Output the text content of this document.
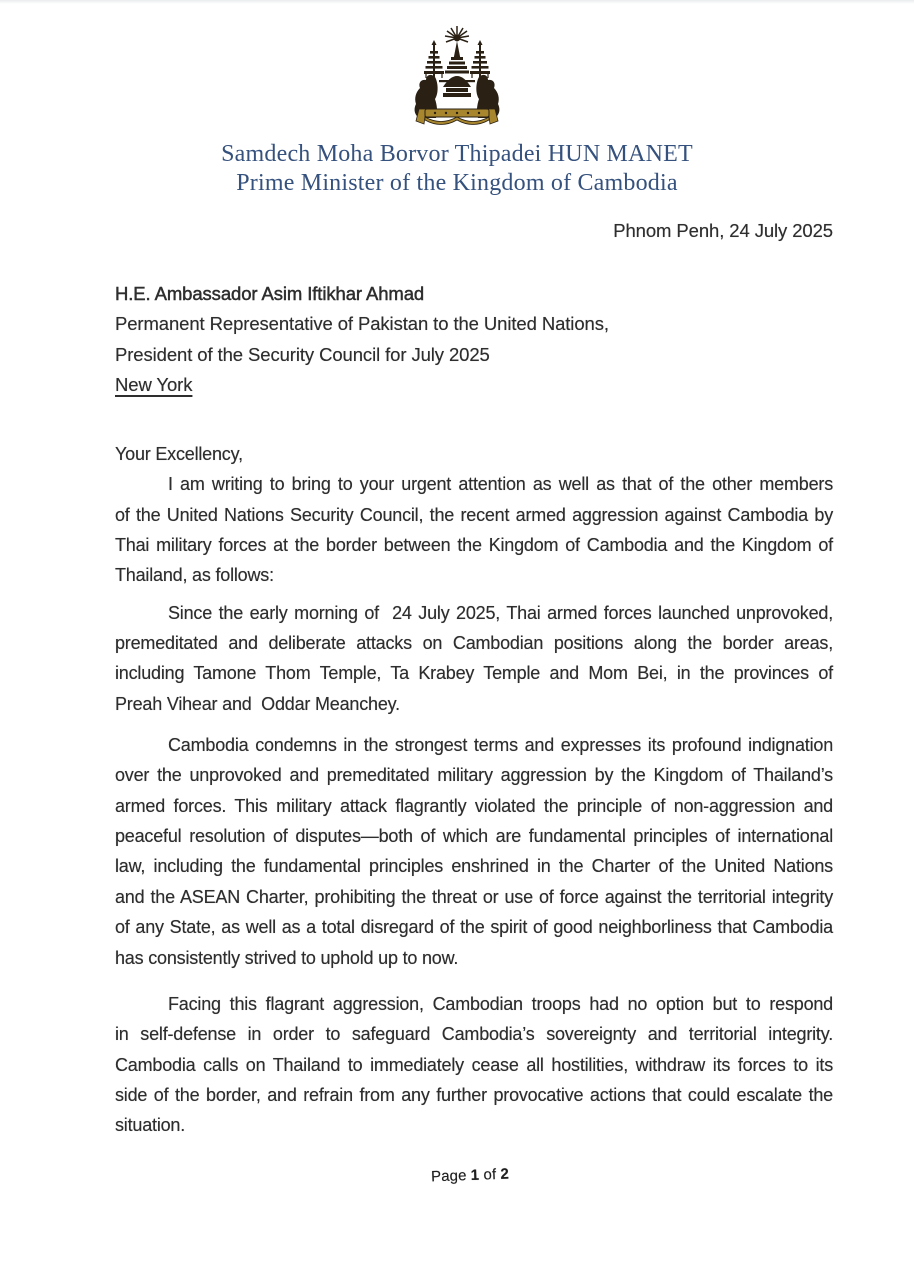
Samdech Moha Borvor Thipadei HUN MANET
Prime Minister of the Kingdom of Cambodia
Phnom Penh, 24 July 2025
H.E. Ambassador Asim Iftikhar Ahmad
Permanent Representative of Pakistan to the United Nations,
President of the Security Council for July 2025
New York
Your Excellency,
I am writing to bring to your urgent attention as well as that of the other members
of the United Nations Security Council, the recent armed aggression against Cambodia by
Thai military forces at the border between the Kingdom of Cambodia and the Kingdom of
Thailand, as follows:
Since the early morning of  24 July 2025, Thai armed forces launched unprovoked,
premeditated and deliberate attacks on Cambodian positions along the border areas,
including Tamone Thom Temple, Ta Krabey Temple and Mom Bei, in the provinces of
Preah Vihear and  Oddar Meanchey.
Cambodia condemns in the strongest terms and expresses its profound indignation
over the unprovoked and premeditated military aggression by the Kingdom of Thailand’s
armed forces. This military attack flagrantly violated the principle of non-aggression and
peaceful resolution of disputes—both of which are fundamental principles of international
law, including the fundamental principles enshrined in the Charter of the United Nations
and the ASEAN Charter, prohibiting the threat or use of force against the territorial integrity
of any State, as well as a total disregard of the spirit of good neighborliness that Cambodia
has consistently strived to uphold up to now.
Facing this flagrant aggression, Cambodian troops had no option but to respond
in self-defense in order to safeguard Cambodia’s sovereignty and territorial integrity.
Cambodia calls on Thailand to immediately cease all hostilities, withdraw its forces to its
side of the border, and refrain from any further provocative actions that could escalate the
situation.
Page 1 of 2
